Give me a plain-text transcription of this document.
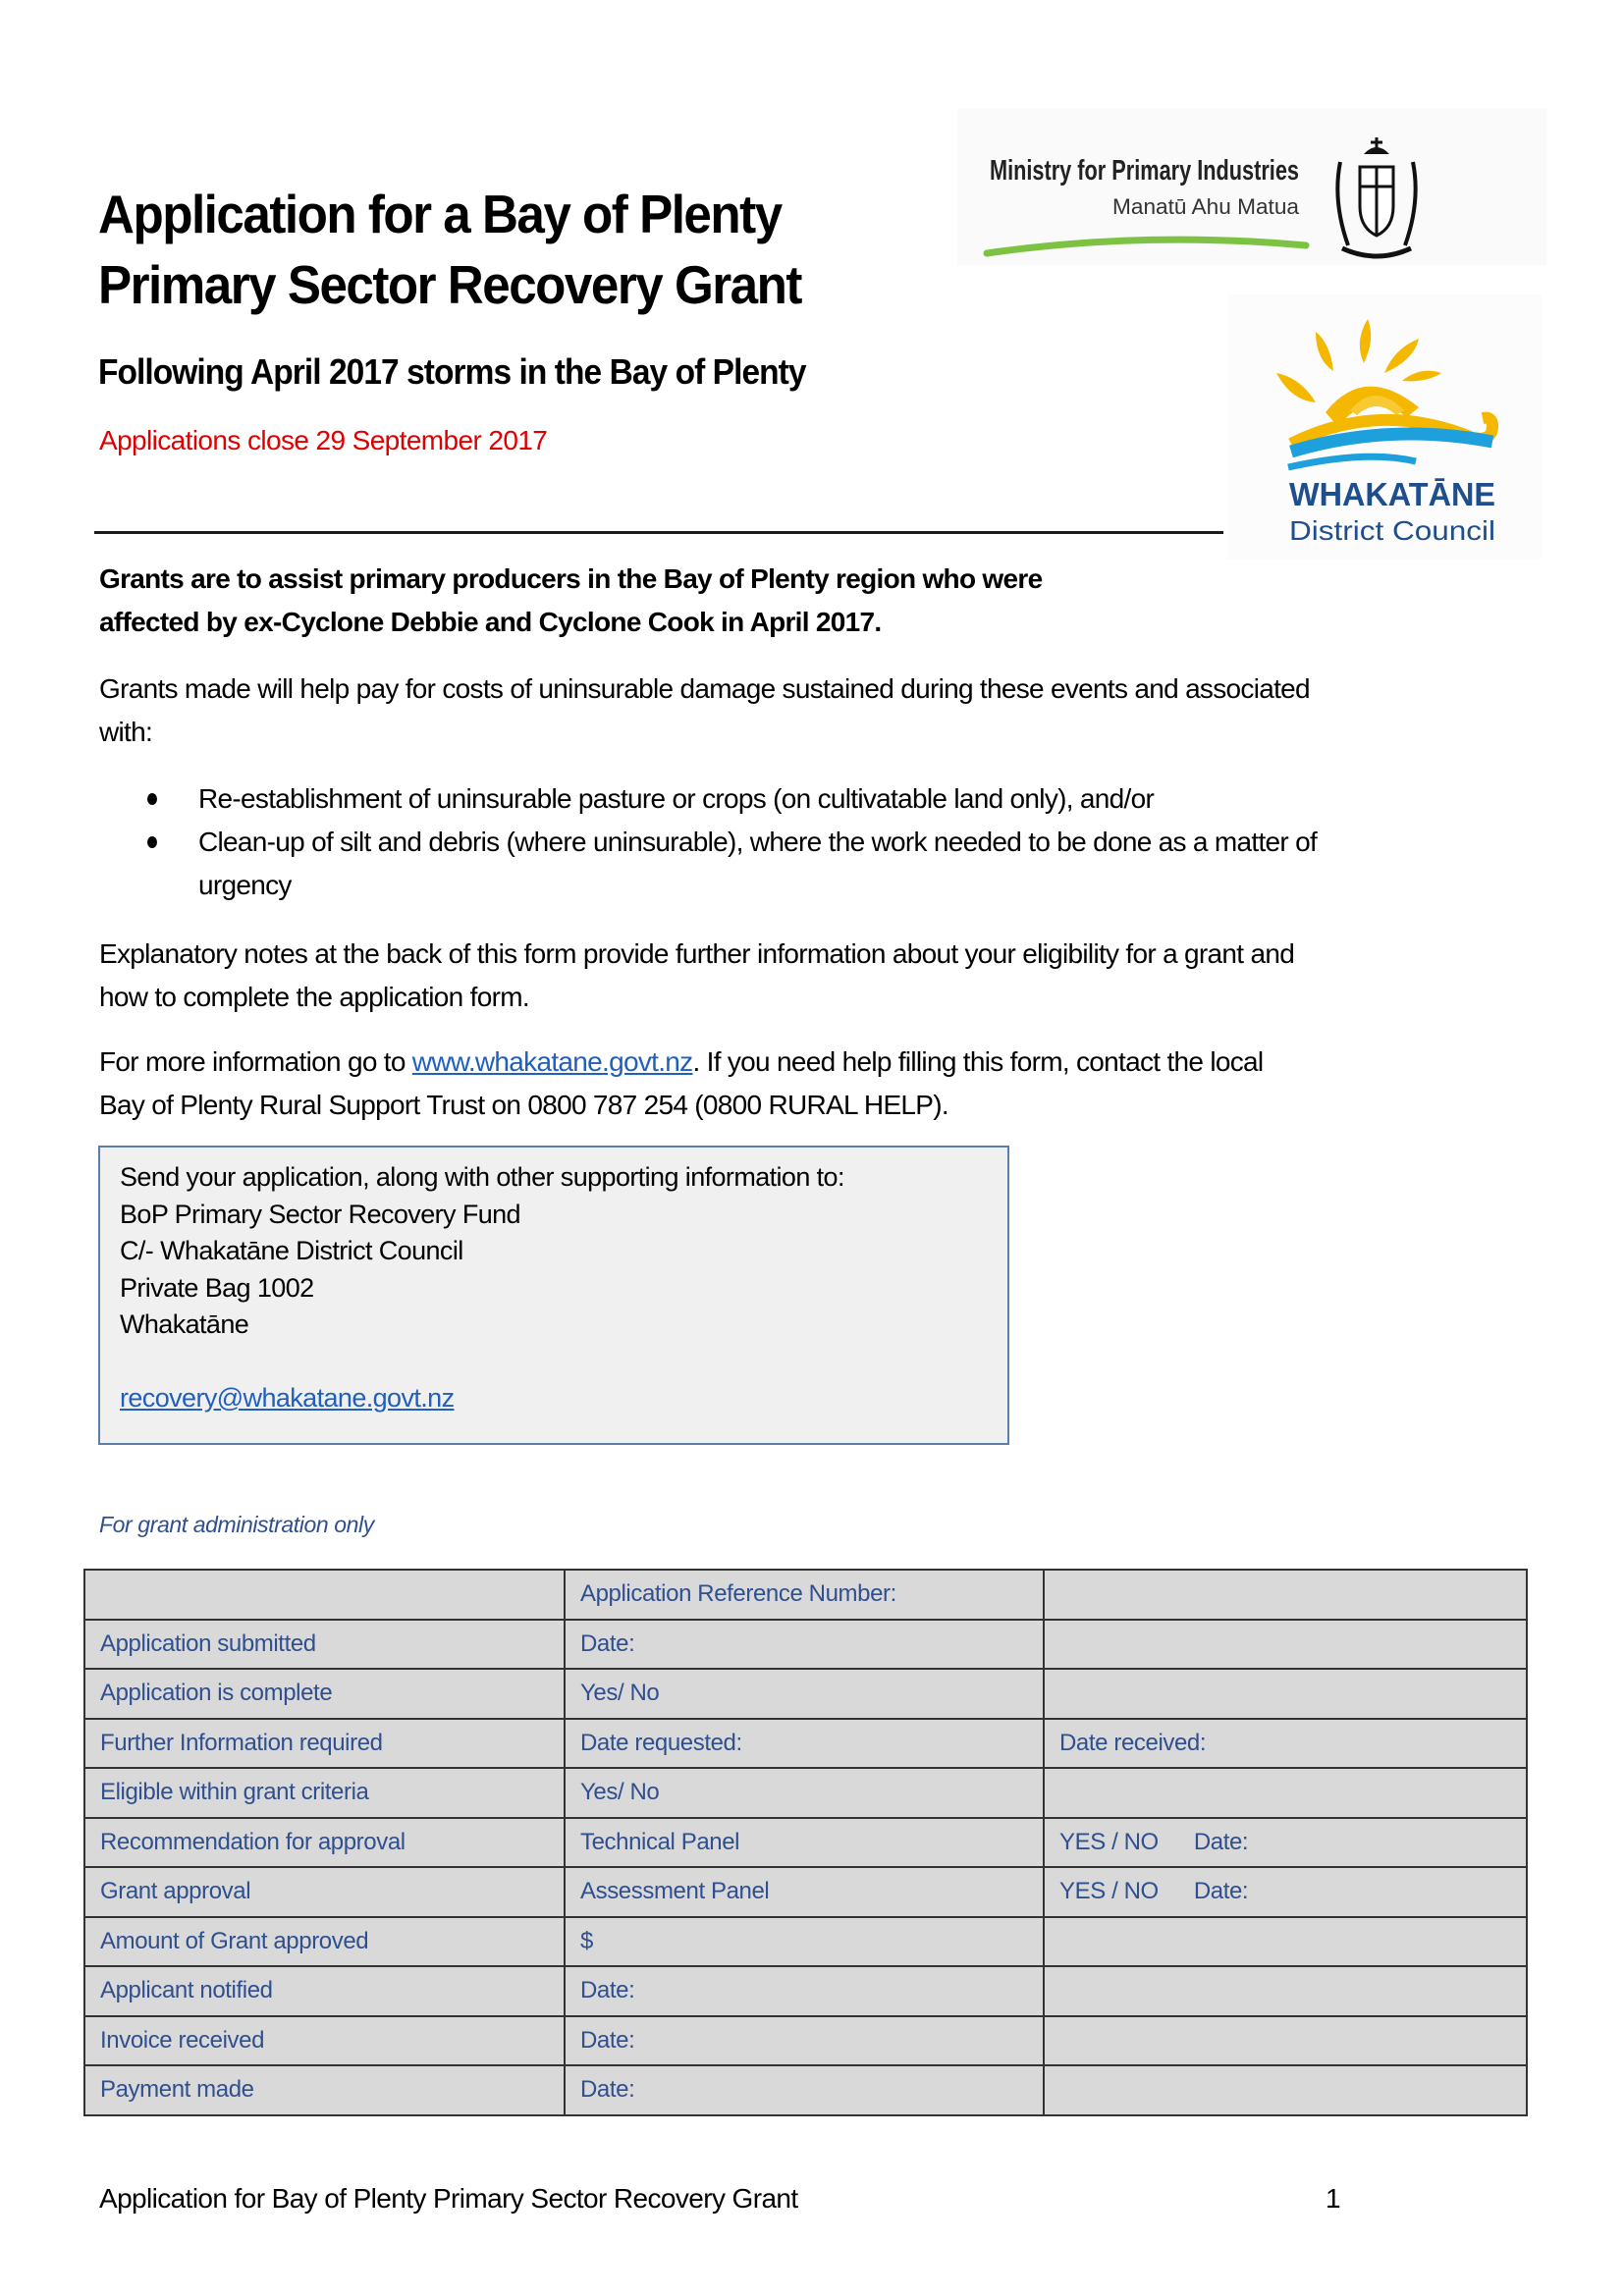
Ministry for Primary Industries
Manatū Ahu Matua
WHAKATĀNE
District Council
Application for a Bay of Plenty
Primary Sector Recovery Grant
Following April 2017 storms in the Bay of Plenty
Applications close 29 September 2017
Grants are to assist primary producers in the Bay of Plenty region who were
affected by ex-Cyclone Debbie and Cyclone Cook in April 2017.
Grants made will help pay for costs of uninsurable damage sustained during these events and associated
with:
Re-establishment of uninsurable pasture or crops (on cultivatable land only), and/or
Clean-up of silt and debris (where uninsurable), where the work needed to be done as a matter of
urgency
Explanatory notes at the back of this form provide further information about your eligibility for a grant and
how to complete the application form.
For more information go to www.whakatane.govt.nz. If you need help filling this form, contact the local
Bay of Plenty Rural Support Trust on 0800 787 254 (0800 RURAL HELP).
Send your application, along with other supporting information to:
BoP Primary Sector Recovery Fund
C/- Whakatāne District Council
Private Bag 1002
Whakatāne
recovery@whakatane.govt.nz
For grant administration only
	Application Reference Number:	
Application submitted	Date:	
Application is complete	Yes/ No	
Further Information required	Date requested:	Date received:
Eligible within grant criteria	Yes/ No	
Recommendation for approval	Technical Panel	YES / NO Date:
Grant approval	Assessment Panel	YES / NO Date:
Amount of Grant approved	$	
Applicant notified	Date:	
Invoice received	Date:	
Payment made	Date:	
Application for Bay of Plenty Primary Sector Recovery Grant	1
